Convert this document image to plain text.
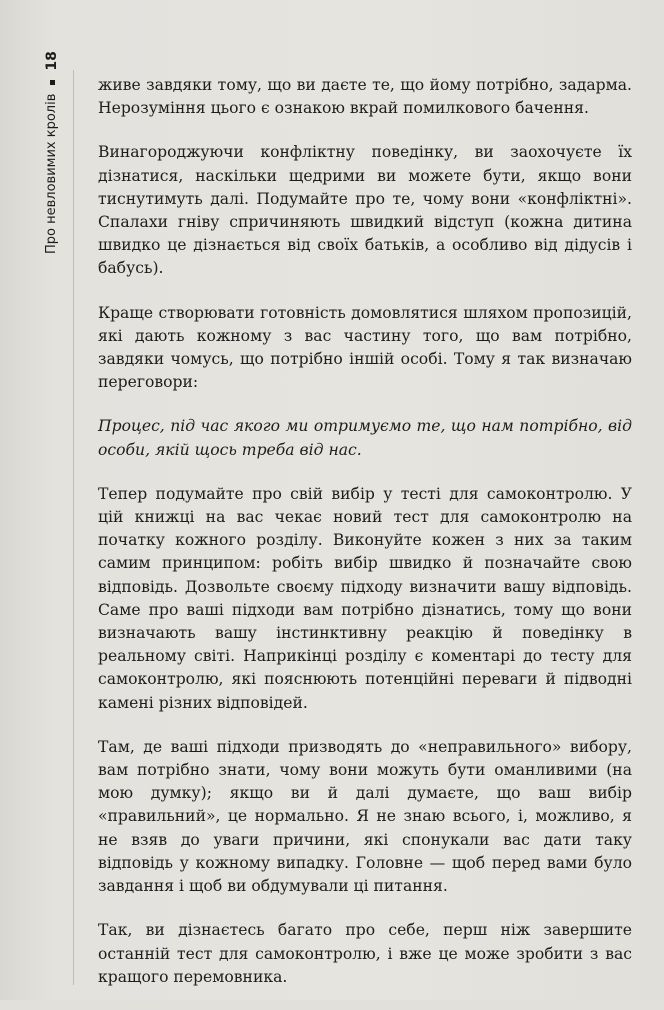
Про невловимих кролів
18

живе завдяки тому, що ви даєте те, що йому потрібно, задарма. Нерозуміння цього є ознакою вкрай помилкового бачення.

Винагороджуючи конфліктну поведінку, ви заохочуєте їх дізнатися, наскільки щедрими ви можете бути, якщо вони тиснутимуть далі. Подумайте про те, чому вони «конфліктні». Спалахи гніву спричиняють швидкий відступ (кожна дитина швидко це дізнається від своїх батьків, а особливо від дідусів і бабусь).

Краще створювати готовність домовлятися шляхом пропозицій, які дають кожному з вас частину того, що вам потрібно, завдяки чомусь, що потрібно іншій особі. Тому я так визначаю переговори:

Процес, під час якого ми отримуємо те, що нам потрібно, від особи, якій щось треба від нас.

Тепер подумайте про свій вибір у тесті для самоконтролю. У цій книжці на вас чекає новий тест для самоконтролю на початку кожного розділу. Виконуйте кожен з них за таким самим принципом: робіть вибір швидко й позначайте свою відповідь. Дозвольте своєму підходу визначити вашу відповідь. Саме про ваші підходи вам потрібно дізнатись, тому що вони визначають вашу інстинктивну реакцію й поведінку в реальному світі. Наприкінці розділу є коментарі до тесту для самоконтролю, які пояснюють потенційні переваги й підводні камені різних відповідей.

Там, де ваші підходи призводять до «неправильного» вибору, вам потрібно знати, чому вони можуть бути оманливими (на мою думку); якщо ви й далі думаєте, що ваш вибір «правильний», це нормально. Я не знаю всього, і, можливо, я не взяв до уваги причини, які спонукали вас дати таку відповідь у кожному випадку. Головне — щоб перед вами було завдання і щоб ви обдумували ці питання.

Так, ви дізнаєтесь багато про себе, перш ніж завершите останній тест для самоконтролю, і вже це може зробити з вас кращого перемовника.
